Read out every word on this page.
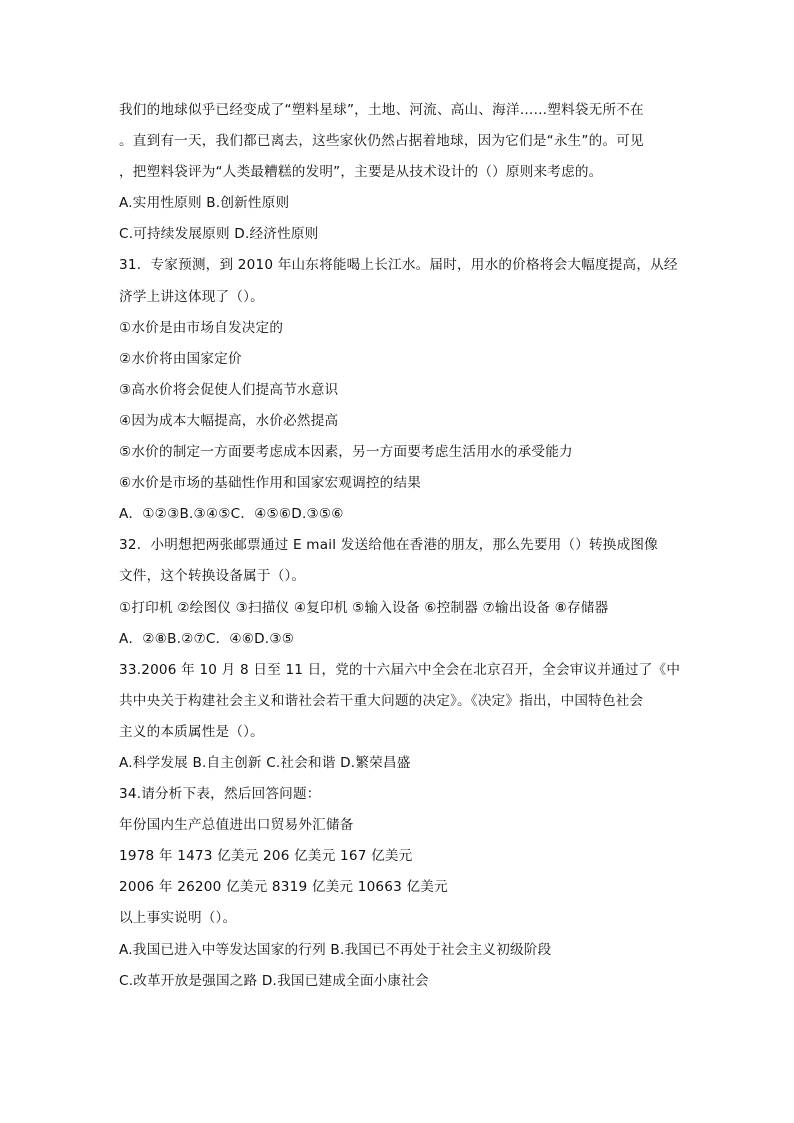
我们的地球似乎已经变成了“塑料星球”，土地、河流、高山、海洋……塑料袋无所不在
。直到有一天，我们都已离去，这些家伙仍然占据着地球，因为它们是“永生”的。可见
，把塑料袋评为“人类最糟糕的发明”，主要是从技术设计的（）原则来考虑的。
A.实用性原则 B.创新性原则
C.可持续发展原则 D.经济性原则
31．专家预测，到 2010 年山东将能喝上长江水。届时，用水的价格将会大幅度提高，从经
济学上讲这体现了（）。
①水价是由市场自发决定的
②水价将由国家定价
③高水价将会促使人们提高节水意识
④因为成本大幅提高，水价必然提高
⑤水价的制定一方面要考虑成本因素，另一方面要考虑生活用水的承受能力
⑥水价是市场的基础性作用和国家宏观调控的结果
A．①②③B.③④⑤C．④⑤⑥D.③⑤⑥
32．小明想把两张邮票通过 E mail 发送给他在香港的朋友，那么先要用（）转换成图像
文件，这个转换设备属于（）。
①打印机 ②绘图仪 ③扫描仪 ④复印机 ⑤输入设备 ⑥控制器 ⑦输出设备 ⑧存储器
A．②⑧B.②⑦C．④⑥D.③⑤
33.2006 年 10 月 8 日至 11 日，党的十六届六中全会在北京召开，全会审议并通过了《中
共中央关于构建社会主义和谐社会若干重大问题的决定》。《决定》指出，中国特色社会
主义的本质属性是（）。
A.科学发展 B.自主创新 C.社会和谐 D.繁荣昌盛
34.请分析下表，然后回答问题：
年份国内生产总值进出口贸易外汇储备
1978 年 1473 亿美元 206 亿美元 167 亿美元
2006 年 26200 亿美元 8319 亿美元 10663 亿美元
以上事实说明（）。
A.我国已进入中等发达国家的行列 B.我国已不再处于社会主义初级阶段
C.改革开放是强国之路 D.我国已建成全面小康社会
